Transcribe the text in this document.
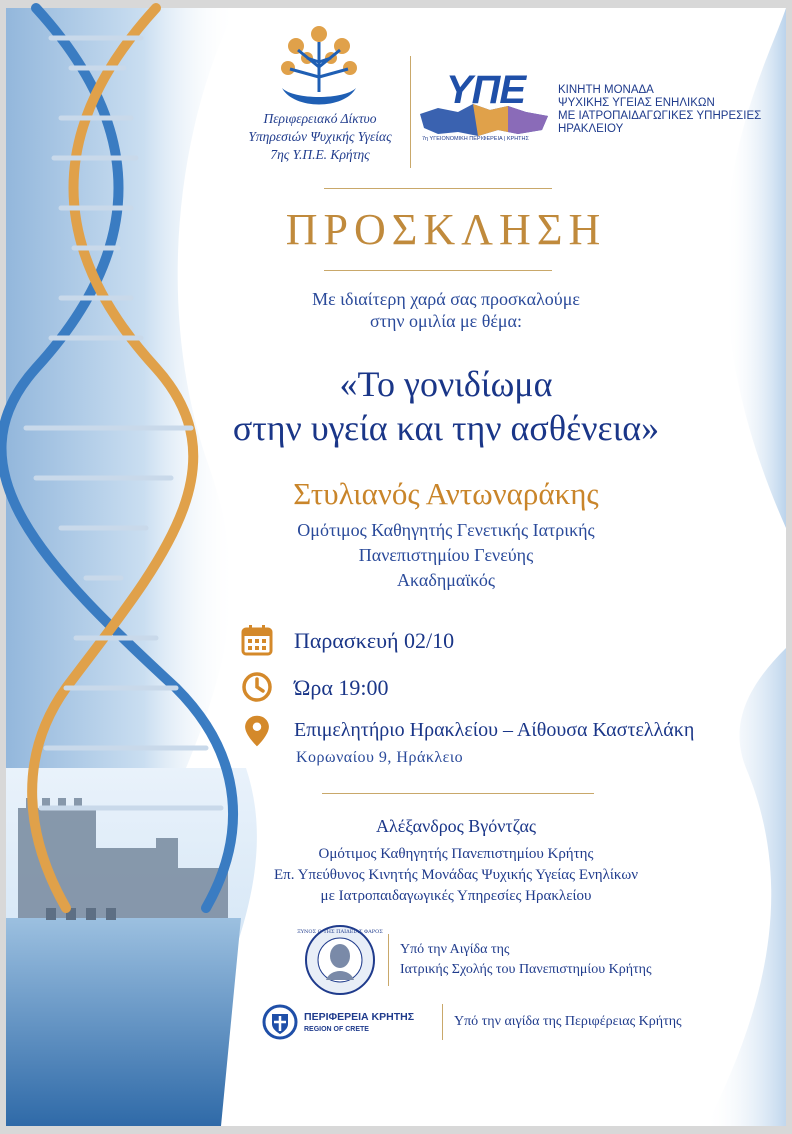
Περιφερειακό Δίκτυο
Υπηρεσιών Ψυχικής Υγείας
7ης Υ.Π.Ε. Κρήτης
ΥΠΕ
7η ΥΓΕΙΟΝΟΜΙΚΗ ΠΕΡΙΦΕΡΕΙΑ | ΚΡΗΤΗΣ
ΚΙΝΗΤΗ ΜΟΝΑΔΑ
ΨΥΧΙΚΗΣ ΥΓΕΙΑΣ ΕΝΗΛΙΚΩΝ
ΜΕ ΙΑΤΡΟΠΑΙΔΑΓΩΓΙΚΕΣ ΥΠΗΡΕΣΙΕΣ
ΗΡΑΚΛΕΙΟΥ
ΠΡΟΣΚΛΗΣΗ
Με ιδιαίτερη χαρά σας προσκαλούμε
στην ομιλία με θέμα:
«Το γονιδίωμα
στην υγεία και την ασθένεια»
Στυλιανός Αντωναράκης
Ομότιμος Καθηγητής Γενετικής Ιατρικής
Πανεπιστημίου Γενεύης
Ακαδημαϊκός
Παρασκευή 02/10
Ώρα 19:00
Επιμελητήριο Ηρακλείου – Αίθουσα Καστελλάκη
Κορωναίου 9, Ηράκλειο
Αλέξανδρος Βγόντζας
Ομότιμος Καθηγητής Πανεπιστημίου Κρήτης
Επ. Υπεύθυνος Κινητής Μονάδας Ψυχικής Υγείας Ενηλίκων
με Ιατροπαιδαγωγικές Υπηρεσίες Ηρακλείου
ΞΥΝΟΣ Ο ΤΗΣ ΠΑΙΔΕΙΑΣ ΦΑΡΟΣ
Υπό την Αιγίδα της
Ιατρικής Σχολής του Πανεπιστημίου Κρήτης
ΠΕΡΙΦΕΡΕΙΑ ΚΡΗΤΗΣ
REGION OF CRETE
Υπό την αιγίδα της Περιφέρειας Κρήτης
